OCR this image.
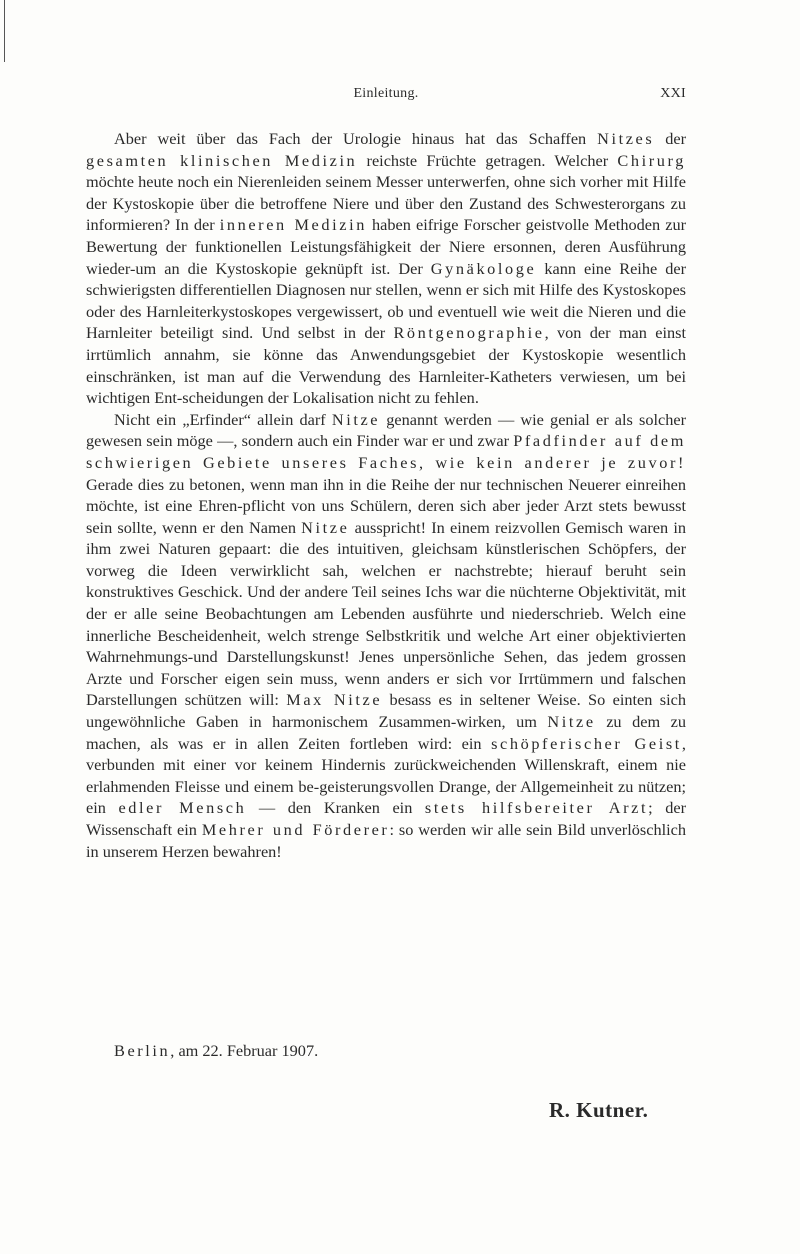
Einleitung.	XXI

Aber weit über das Fach der Urologie hinaus hat das Schaffen Nitzes der gesamten klinischen Medizin reichste Früchte getragen. Welcher Chirurg möchte heute noch ein Nierenleiden seinem Messer unterwerfen, ohne sich vorher mit Hilfe der Kystoskopie über die betroffene Niere und über den Zustand des Schwesterorgans zu informieren? In der inneren Medizin haben eifrige Forscher geistvolle Methoden zur Bewertung der funktionellen Leistungsfähigkeit der Niere ersonnen, deren Ausführung wieder-um an die Kystoskopie geknüpft ist. Der Gynäkologe kann eine Reihe der schwierigsten differentiellen Diagnosen nur stellen, wenn er sich mit Hilfe des Kystoskopes oder des Harnleiterkystoskopes vergewissert, ob und eventuell wie weit die Nieren und die Harnleiter beteiligt sind. Und selbst in der Röntgenographie, von der man einst irrtümlich annahm, sie könne das Anwendungsgebiet der Kystoskopie wesentlich einschränken, ist man auf die Verwendung des Harnleiter-Katheters verwiesen, um bei wichtigen Ent-scheidungen der Lokalisation nicht zu fehlen.

Nicht ein „Erfinder“ allein darf Nitze genannt werden — wie genial er als solcher gewesen sein möge —, sondern auch ein Finder war er und zwar Pfadfinder auf dem schwierigen Gebiete unseres Faches, wie kein anderer je zuvor! Gerade dies zu betonen, wenn man ihn in die Reihe der nur technischen Neuerer einreihen möchte, ist eine Ehren-pflicht von uns Schülern, deren sich aber jeder Arzt stets bewusst sein sollte, wenn er den Namen Nitze ausspricht! In einem reizvollen Gemisch waren in ihm zwei Naturen gepaart: die des intuitiven, gleichsam künstlerischen Schöpfers, der vorweg die Ideen verwirklicht sah, welchen er nachstrebte; hierauf beruht sein konstruktives Geschick. Und der andere Teil seines Ichs war die nüchterne Objektivität, mit der er alle seine Beobachtungen am Lebenden ausführte und niederschrieb. Welch eine innerliche Bescheidenheit, welch strenge Selbstkritik und welche Art einer objektivierten Wahrnehmungs-und Darstellungskunst! Jenes unpersönliche Sehen, das jedem grossen Arzte und Forscher eigen sein muss, wenn anders er sich vor Irrtümmern und falschen Darstellungen schützen will: Max Nitze besass es in seltener Weise. So einten sich ungewöhnliche Gaben in harmonischem Zusammen-wirken, um Nitze zu dem zu machen, als was er in allen Zeiten fortleben wird: ein schöpferischer Geist, verbunden mit einer vor keinem Hindernis zurückweichenden Willenskraft, einem nie erlahmenden Fleisse und einem be-geisterungsvollen Drange, der Allgemeinheit zu nützen; ein edler Mensch — den Kranken ein stets hilfsbereiter Arzt; der Wissenschaft ein Mehrer und Förderer: so werden wir alle sein Bild unverlöschlich in unserem Herzen bewahren!

Berlin, am 22. Februar 1907.
R. Kutner.
